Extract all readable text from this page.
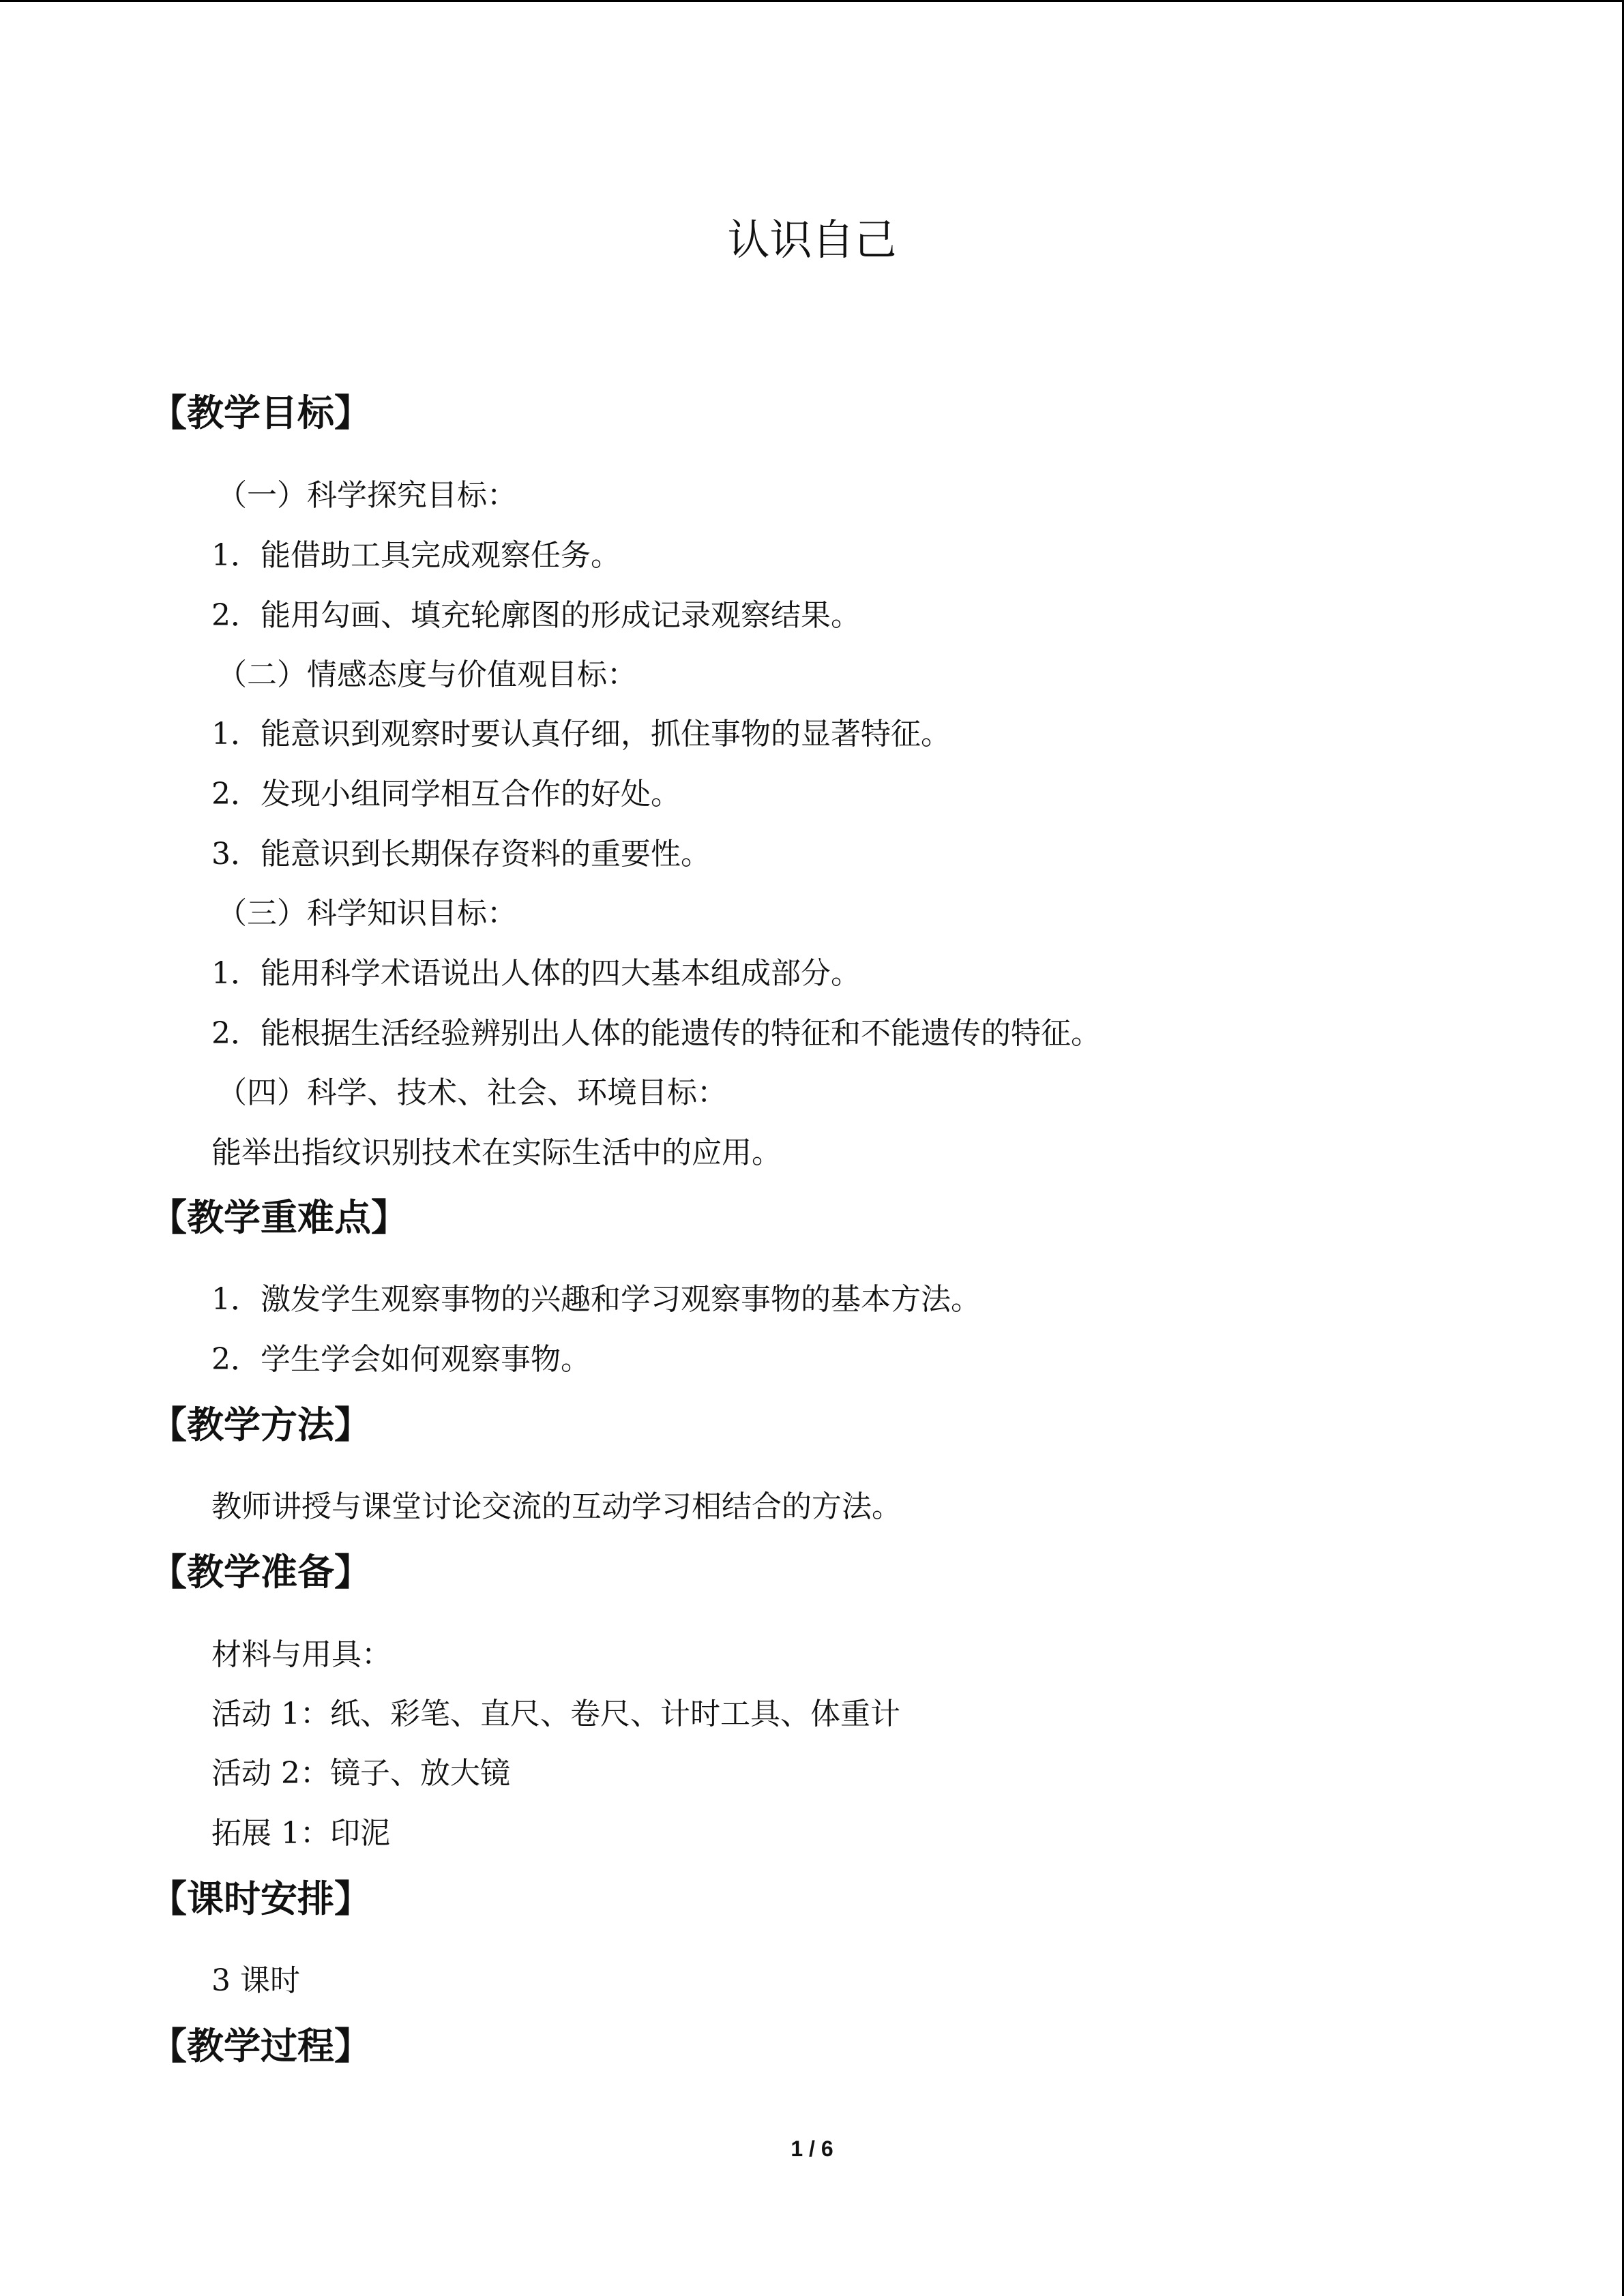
认识自己
【教学目标】
（一）科学探究目标：
1．能借助工具完成观察任务。
2．能用勾画、填充轮廓图的形成记录观察结果。
（二）情感态度与价值观目标：
1．能意识到观察时要认真仔细，抓住事物的显著特征。
2．发现小组同学相互合作的好处。
3．能意识到长期保存资料的重要性。
（三）科学知识目标：
1．能用科学术语说出人体的四大基本组成部分。
2．能根据生活经验辨别出人体的能遗传的特征和不能遗传的特征。
（四）科学、技术、社会、环境目标：
能举出指纹识别技术在实际生活中的应用。
【教学重难点】
1．激发学生观察事物的兴趣和学习观察事物的基本方法。
2．学生学会如何观察事物。
【教学方法】
教师讲授与课堂讨论交流的互动学习相结合的方法。
【教学准备】
材料与用具：
活动 1：纸、彩笔、直尺、卷尺、计时工具、体重计
活动 2：镜子、放大镜
拓展 1：印泥
【课时安排】
3 课时
【教学过程】
1 / 6
